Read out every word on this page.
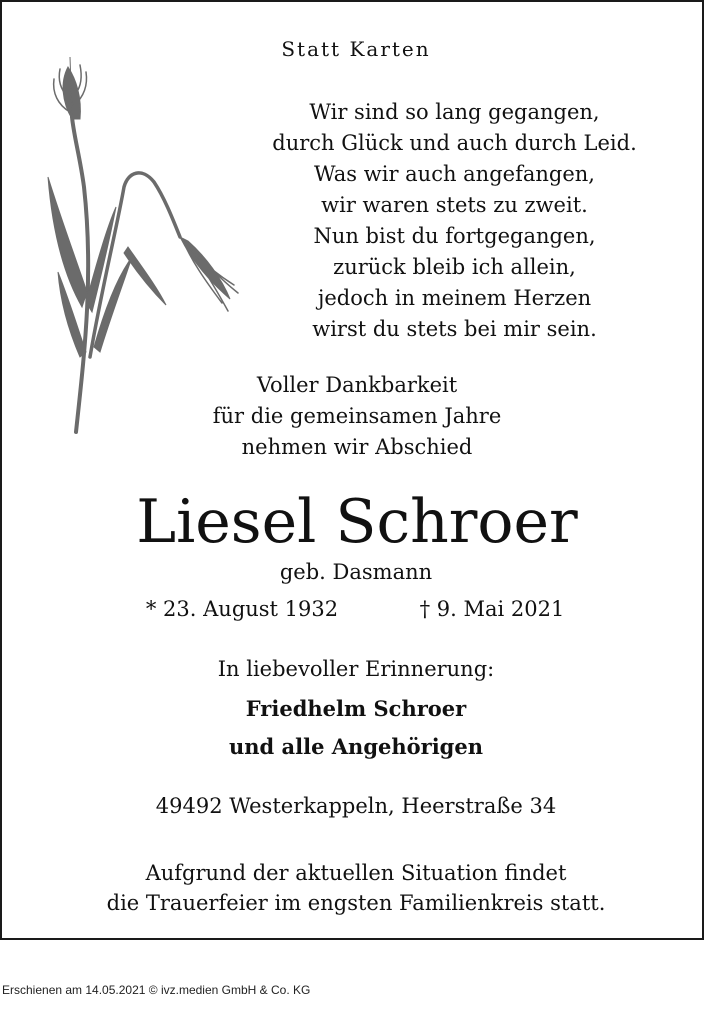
Statt Karten
Wir sind so lang gegangen,
durch Glück und auch durch Leid.
Was wir auch angefangen,
wir waren stets zu zweit.
Nun bist du fortgegangen,
zurück bleib ich allein,
jedoch in meinem Herzen
wirst du stets bei mir sein.
Voller Dankbarkeit
für die gemeinsamen Jahre
nehmen wir Abschied
Liesel Schroer
geb. Dasmann
* 23. August 1932	† 9. Mai 2021
In liebevoller Erinnerung:
Friedhelm Schroer
und alle Angehörigen
49492 Westerkappeln, Heerstraße 34
Aufgrund der aktuellen Situation findet
die Trauerfeier im engsten Familienkreis statt.
Erschienen am 14.05.2021 © ivz.medien GmbH & Co. KG
